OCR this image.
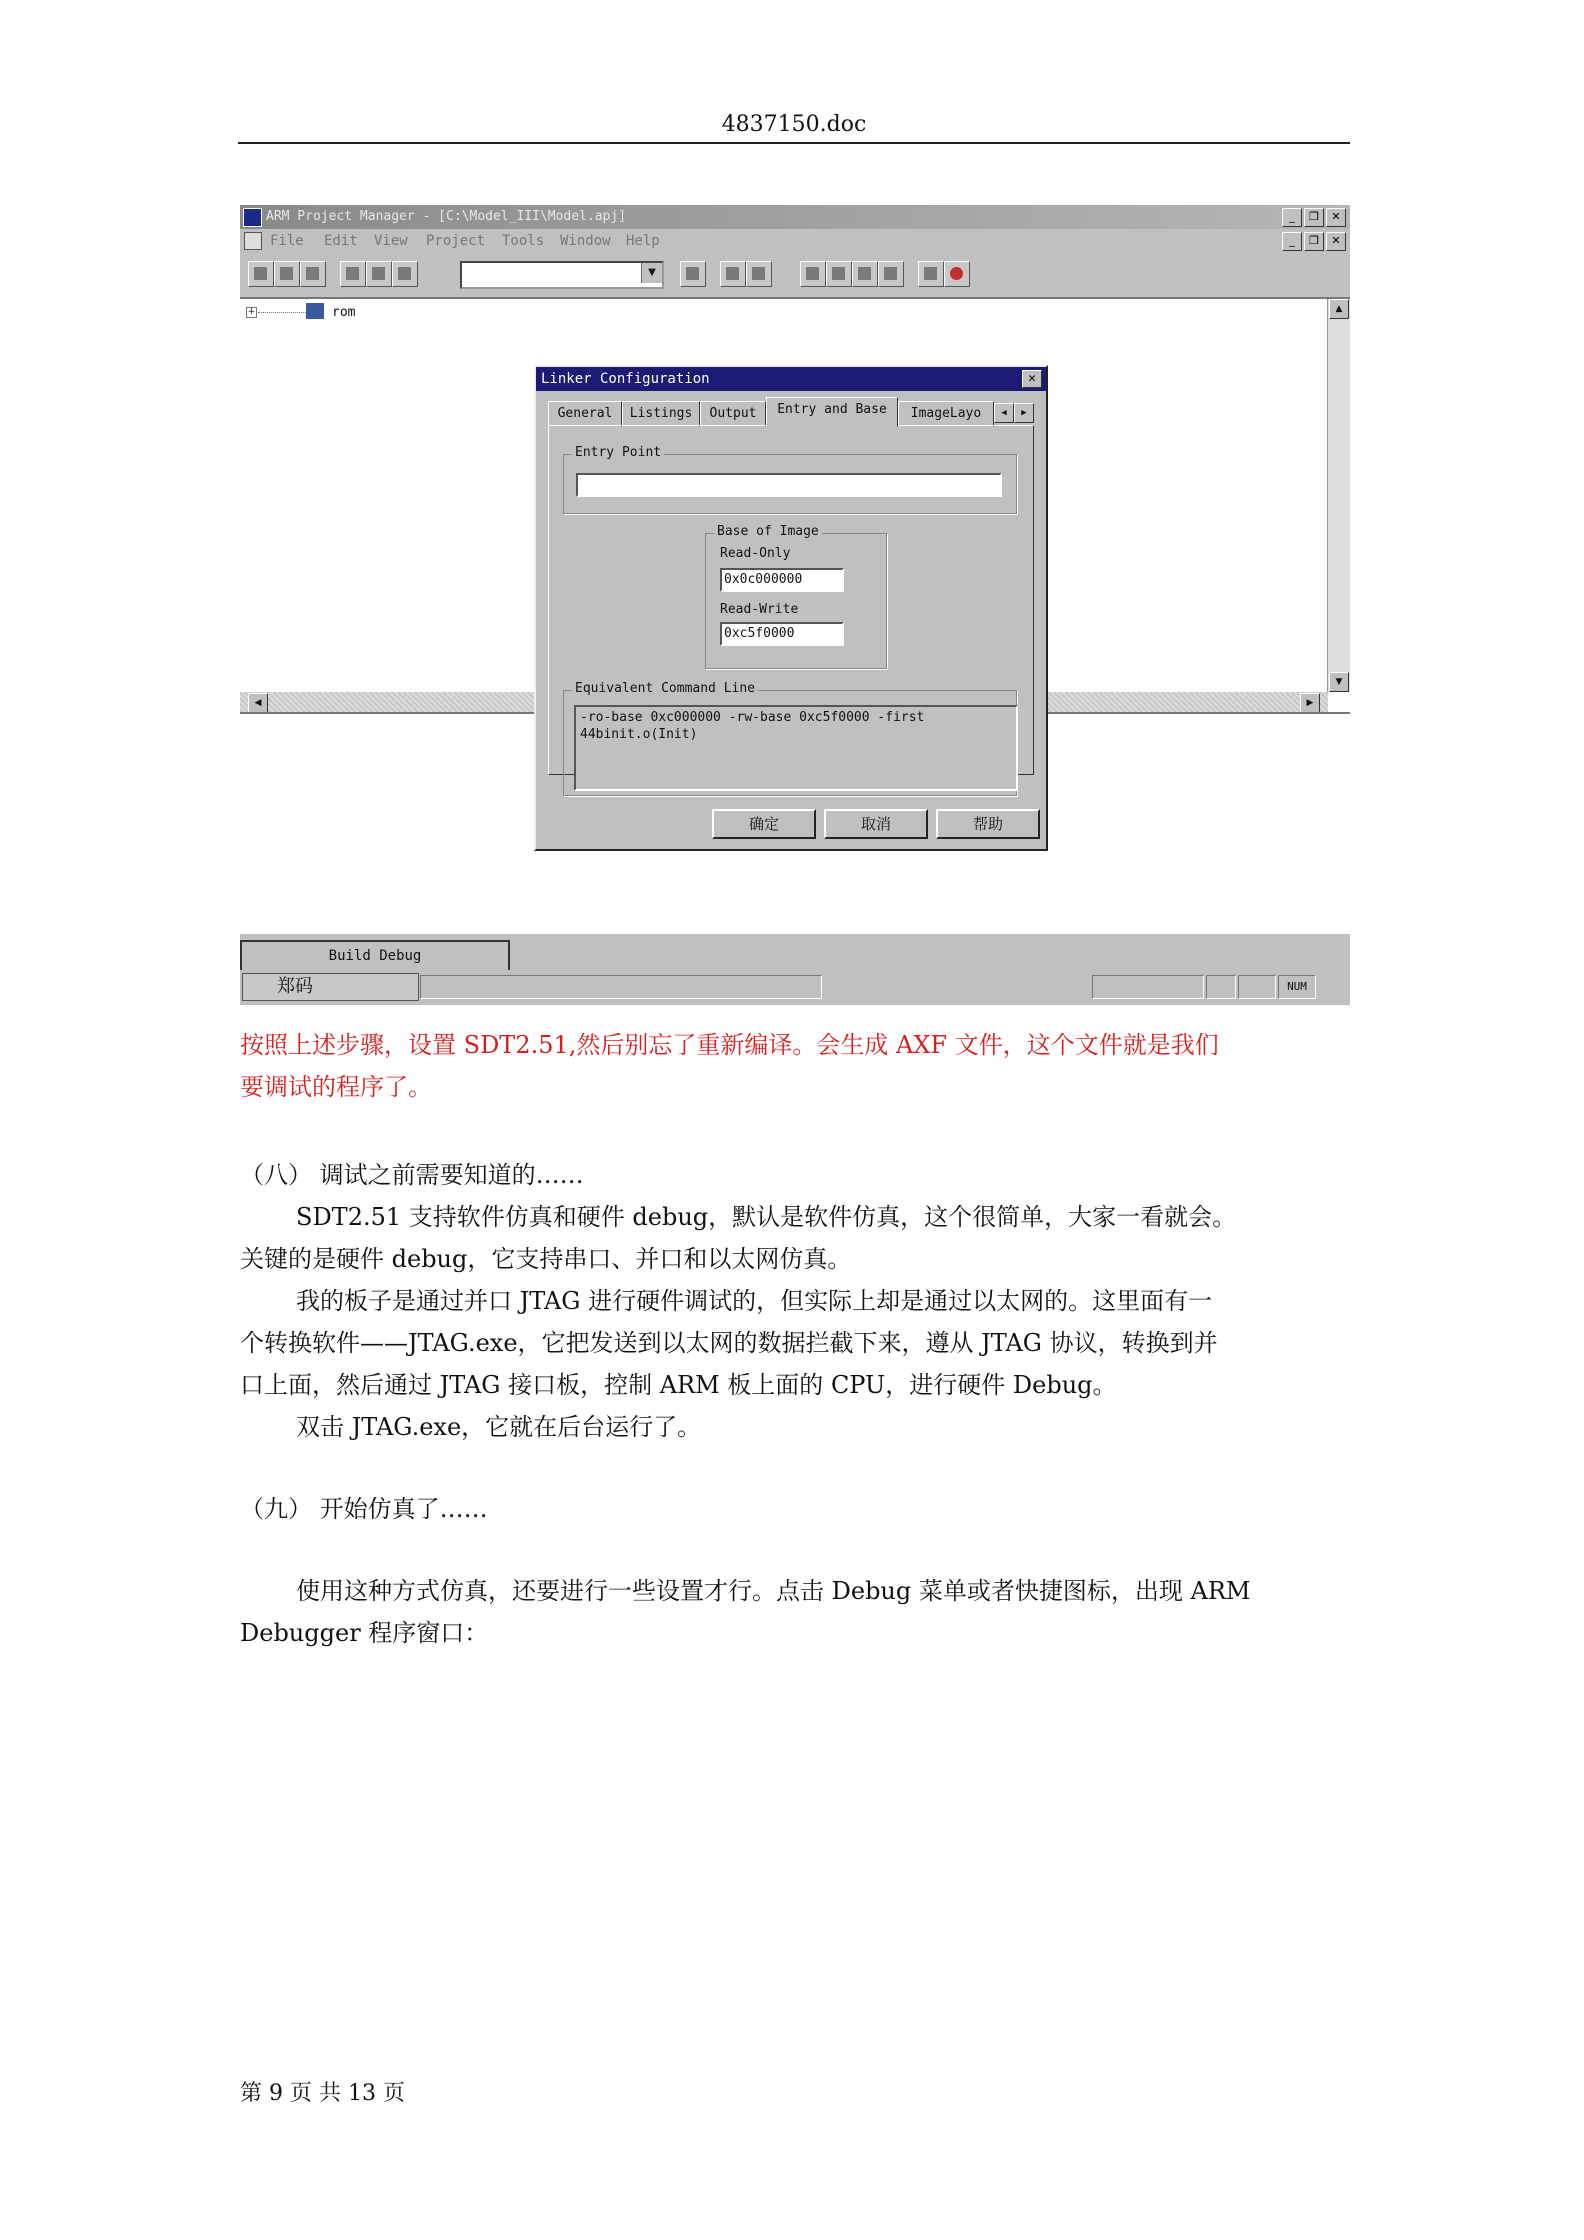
4837150.doc
ARM Project Manager - [C:\Model_III\Model.apj]	_	❐	✕
File Edit View Project Tools Window Help	_	❐	✕
▼
+	rom	▲
▼
◀	▶
Build Debug
郑码	NUM
Linker Configuration	✕
General	Listings	Output	Entry and Base	ImageLayo	◀	▶
Entry Point
Base of Image
Read-Only
0x0c000000
Read-Write
0xc5f0000
Equivalent Command Line
-ro-base 0xc000000 -rw-base 0xc5f0000 -first
44binit.o(Init)
确定	取消	帮助
按照上述步骤，设置 SDT2.51,然后别忘了重新编译。会生成 AXF 文件，这个文件就是我们
要调试的程序了。
（八） 调试之前需要知道的……
SDT2.51 支持软件仿真和硬件 debug，默认是软件仿真，这个很简单，大家一看就会。
关键的是硬件 debug，它支持串口、并口和以太网仿真。
我的板子是通过并口 JTAG 进行硬件调试的，但实际上却是通过以太网的。这里面有一
个转换软件——JTAG.exe，它把发送到以太网的数据拦截下来，遵从 JTAG 协议，转换到并
口上面，然后通过 JTAG 接口板，控制 ARM 板上面的 CPU，进行硬件 Debug。
双击 JTAG.exe，它就在后台运行了。
（九） 开始仿真了……
使用这种方式仿真，还要进行一些设置才行。点击 Debug 菜单或者快捷图标，出现 ARM
Debugger 程序窗口：
第 9 页 共 13 页
